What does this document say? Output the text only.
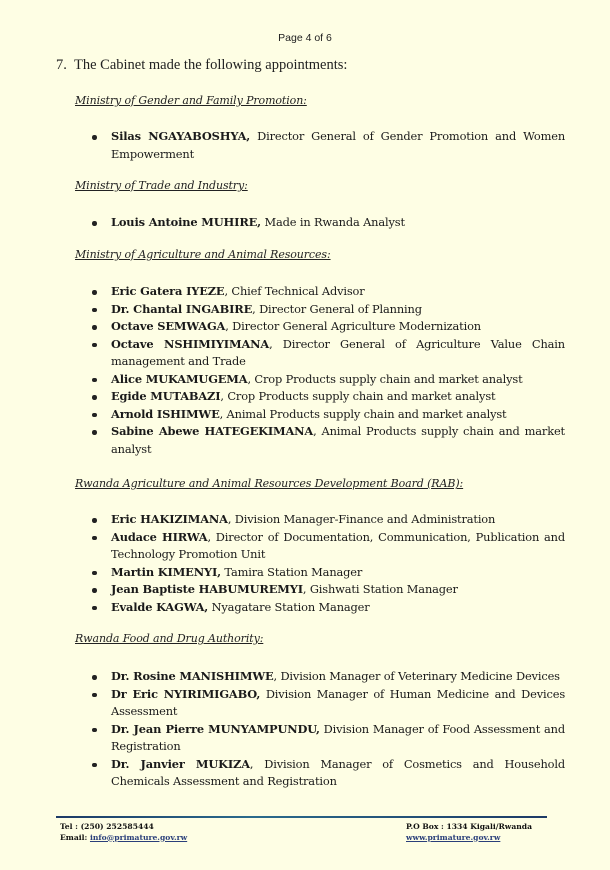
Page 4 of 6
7. The Cabinet made the following appointments:
Ministry of Gender and Family Promotion:
Silas NGAYABOSHYA, Director General of Gender Promotion and Women Empowerment
Ministry of Trade and Industry:
Louis Antoine MUHIRE, Made in Rwanda Analyst
Ministry of Agriculture and Animal Resources:
Eric Gatera IYEZE, Chief Technical Advisor
Dr. Chantal INGABIRE, Director General of Planning
Octave SEMWAGA, Director General Agriculture Modernization
Octave NSHIMIYIMANA, Director General of Agriculture Value Chain management and Trade
Alice MUKAMUGEMA, Crop Products supply chain and market analyst
Egide MUTABAZI, Crop Products supply chain and market analyst
Arnold ISHIMWE, Animal Products supply chain and market analyst
Sabine Abewe HATEGEKIMANA, Animal Products supply chain and market analyst
Rwanda Agriculture and Animal Resources Development Board (RAB):
Eric HAKIZIMANA, Division Manager-Finance and Administration
Audace HIRWA, Director of Documentation, Communication, Publication and Technology Promotion Unit
Martin KIMENYI, Tamira Station Manager
Jean Baptiste HABUMUREMYI, Gishwati Station Manager
Evalde KAGWA, Nyagatare Station Manager
Rwanda Food and Drug Authority:
Dr. Rosine MANISHIMWE, Division Manager of Veterinary Medicine Devices
Dr Eric NYIRIMIGABO, Division Manager of Human Medicine and Devices Assessment
Dr. Jean Pierre MUNYAMPUNDU, Division Manager of Food Assessment and Registration
Dr. Janvier MUKIZA, Division Manager of Cosmetics and Household Chemicals Assessment and Registration
Tel : (250) 252585444
Email: info@primature.gov.rw
P.O Box : 1334 Kigali/Rwanda
www.primature.gov.rw
